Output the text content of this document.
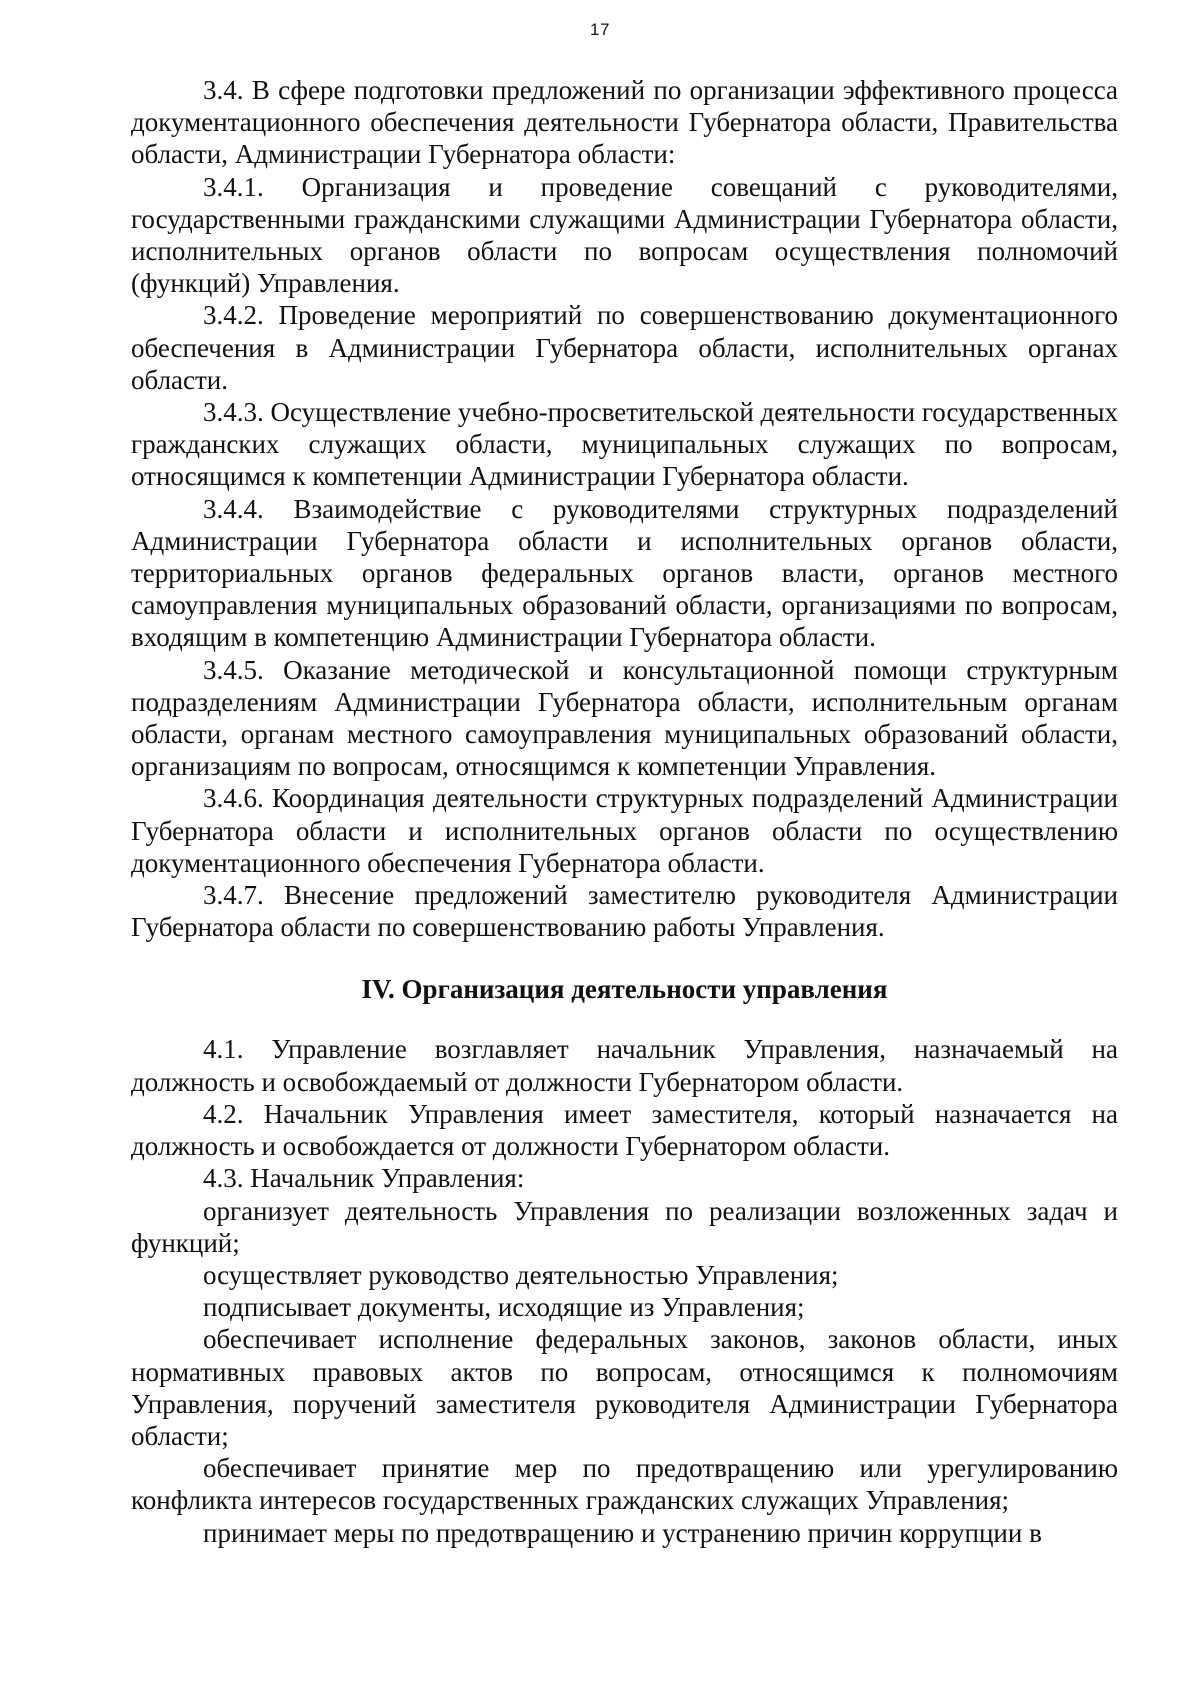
17

3.4. В сфере подготовки предложений по организации эффективного процесса документационного обеспечения деятельности Губернатора области, Правительства области, Администрации Губернатора области:

3.4.1. Организация и проведение совещаний с руководителями, государственными гражданскими служащими Администрации Губернатора области, исполнительных органов области по вопросам осуществления полномочий (функций) Управления.

3.4.2. Проведение мероприятий по совершенствованию документационного обеспечения в Администрации Губернатора области, исполнительных органах области.

3.4.3. Осуществление учебно-просветительской деятельности государственных гражданских служащих области, муниципальных служащих по вопросам, относящимся к компетенции Администрации Губернатора области.

3.4.4. Взаимодействие с руководителями структурных подразделений Администрации Губернатора области и исполнительных органов области, территориальных органов федеральных органов власти, органов местного самоуправления муниципальных образований области, организациями по вопросам, входящим в компетенцию Администрации Губернатора области.

3.4.5. Оказание методической и консультационной помощи структурным подразделениям Администрации Губернатора области, исполнительным органам области, органам местного самоуправления муниципальных образований области, организациям по вопросам, относящимся к компетенции Управления.

3.4.6. Координация деятельности структурных подразделений Администрации Губернатора области и исполнительных органов области по осуществлению документационного обеспечения Губернатора области.

3.4.7. Внесение предложений заместителю руководителя Администрации Губернатора области по совершенствованию работы Управления.

IV. Организация деятельности управления

4.1. Управление возглавляет начальник Управления, назначаемый на должность и освобождаемый от должности Губернатором области.

4.2. Начальник Управления имеет заместителя, который назначается на должность и освобождается от должности Губернатором области.

4.3. Начальник Управления:

организует деятельность Управления по реализации возложенных задач и функций;

осуществляет руководство деятельностью Управления;

подписывает документы, исходящие из Управления;

обеспечивает исполнение федеральных законов, законов области, иных нормативных правовых актов по вопросам, относящимся к полномочиям Управления, поручений заместителя руководителя Администрации Губернатора области;

обеспечивает принятие мер по предотвращению или урегулированию конфликта интересов государственных гражданских служащих Управления;

принимает меры по предотвращению и устранению причин коррупции в
